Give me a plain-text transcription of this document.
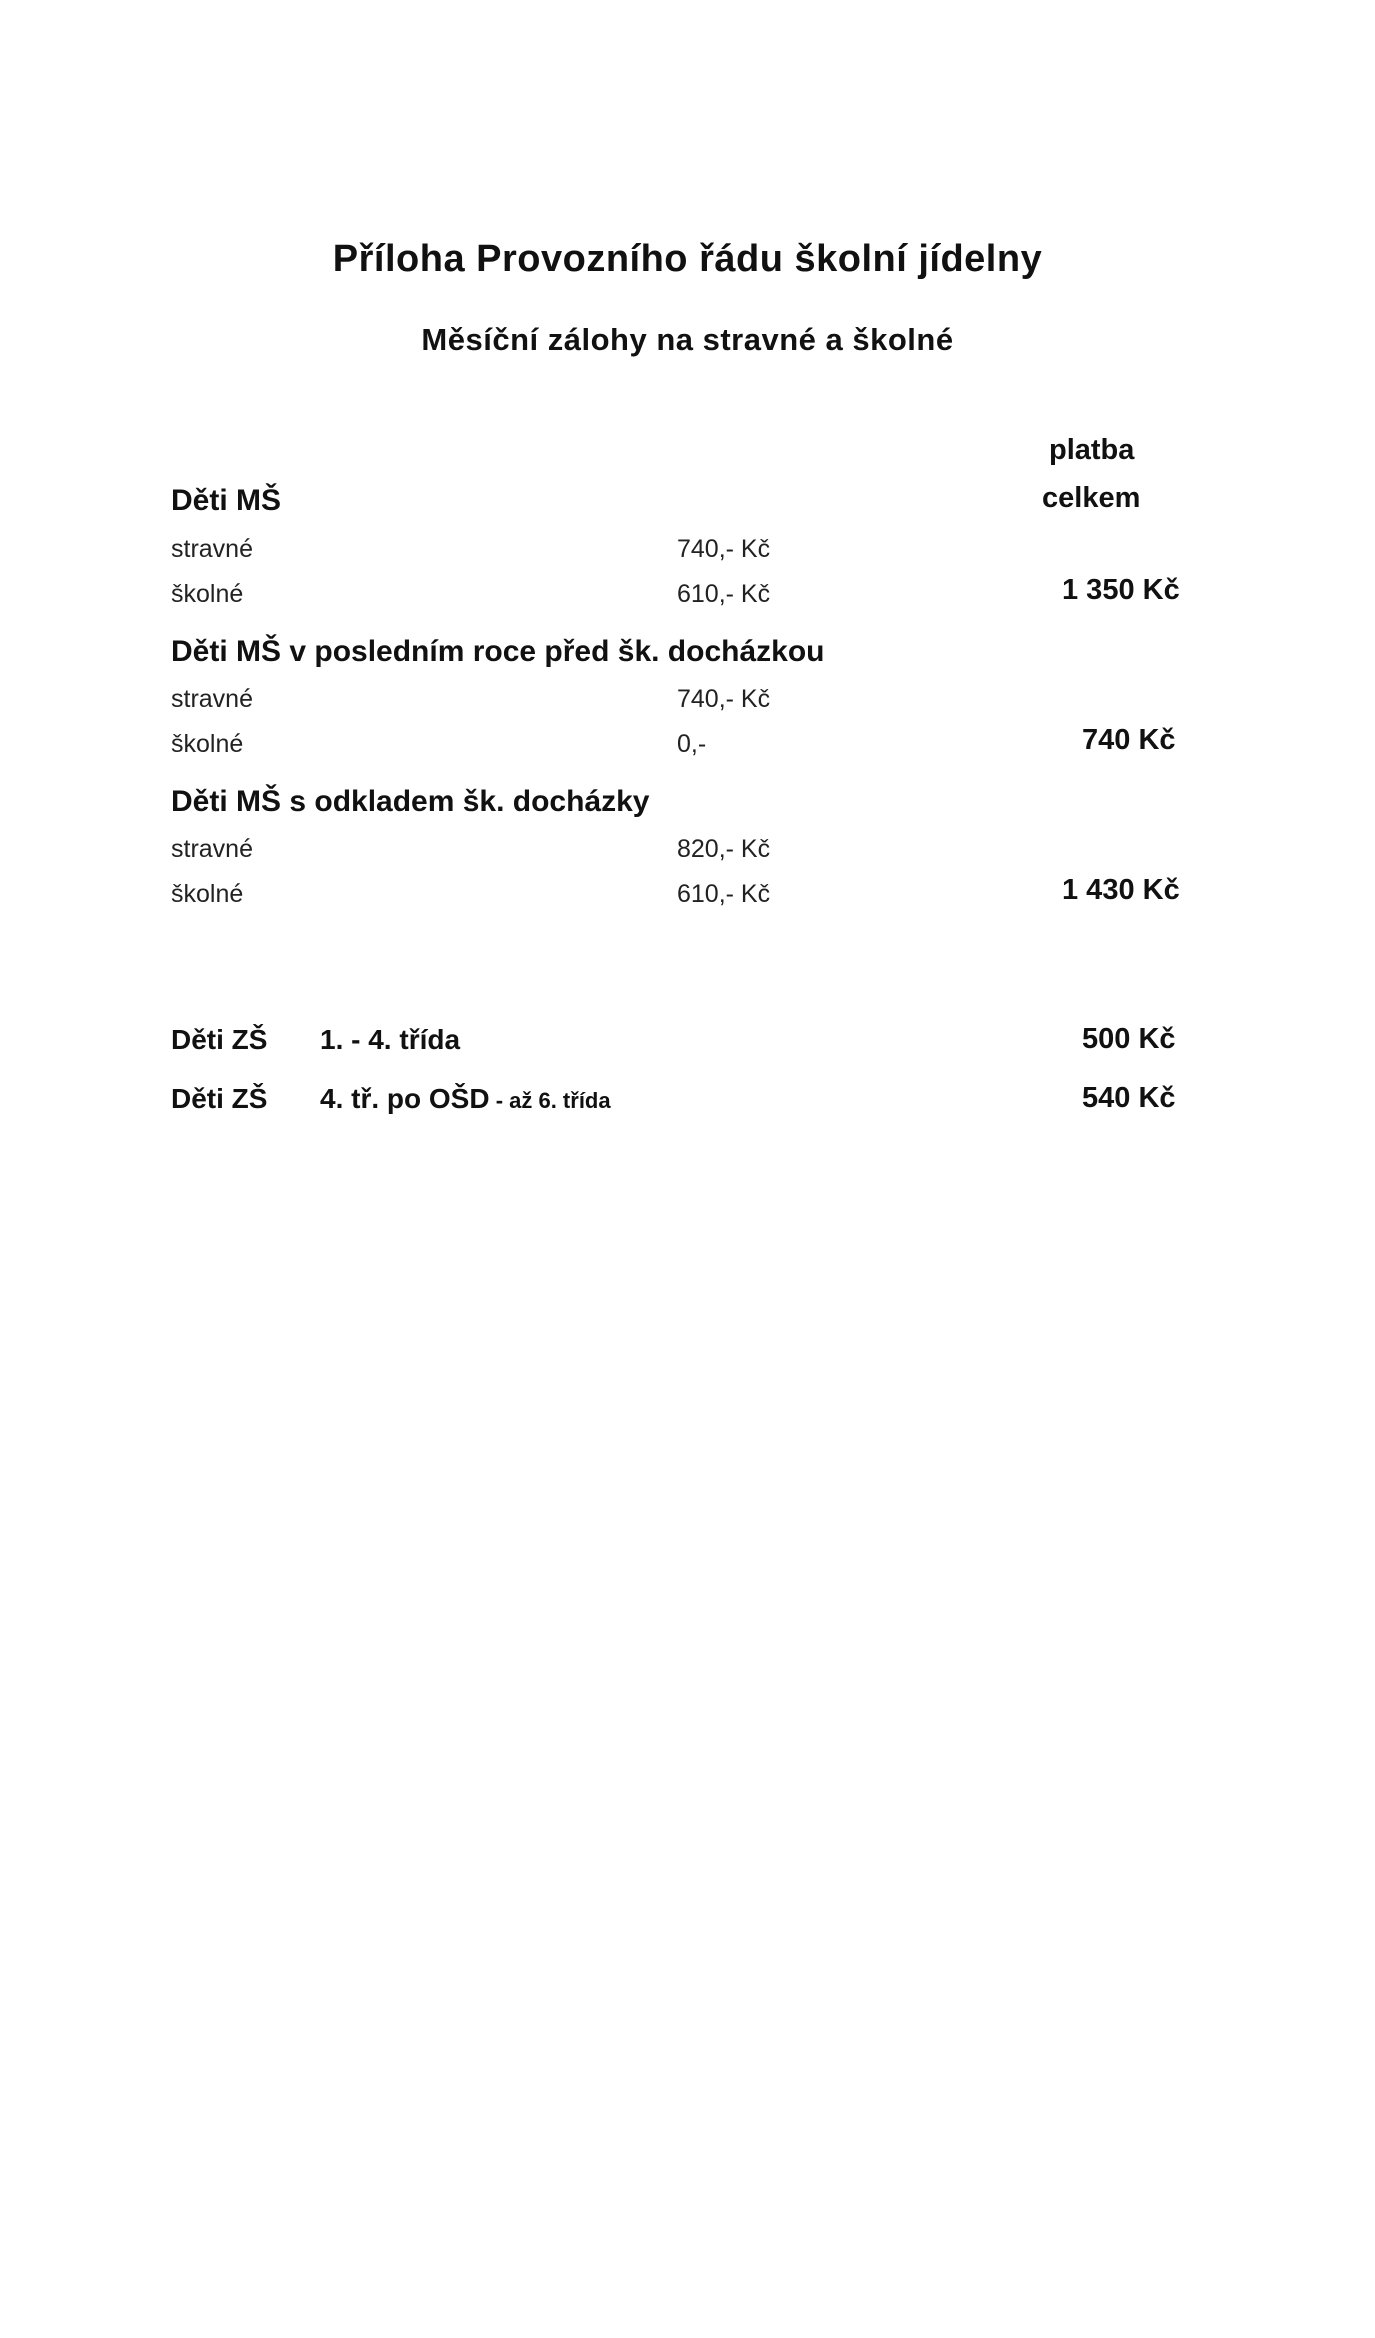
Příloha Provozního řádu školní jídelny
Měsíční zálohy na stravné a školné
platba
celkem
Děti MŠ
stravné	740,- Kč
školné	610,- Kč	1 350 Kč
Děti MŠ v posledním roce před šk. docházkou
stravné	740,- Kč
školné	0,-	740 Kč
Děti MŠ s odkladem šk. docházky
stravné	820,- Kč
školné	610,- Kč	1 430 Kč
Děti ZŠ 1. - 4. třída	500 Kč
Děti ZŠ 4. tř. po OŠD - až 6. třída	540 Kč
